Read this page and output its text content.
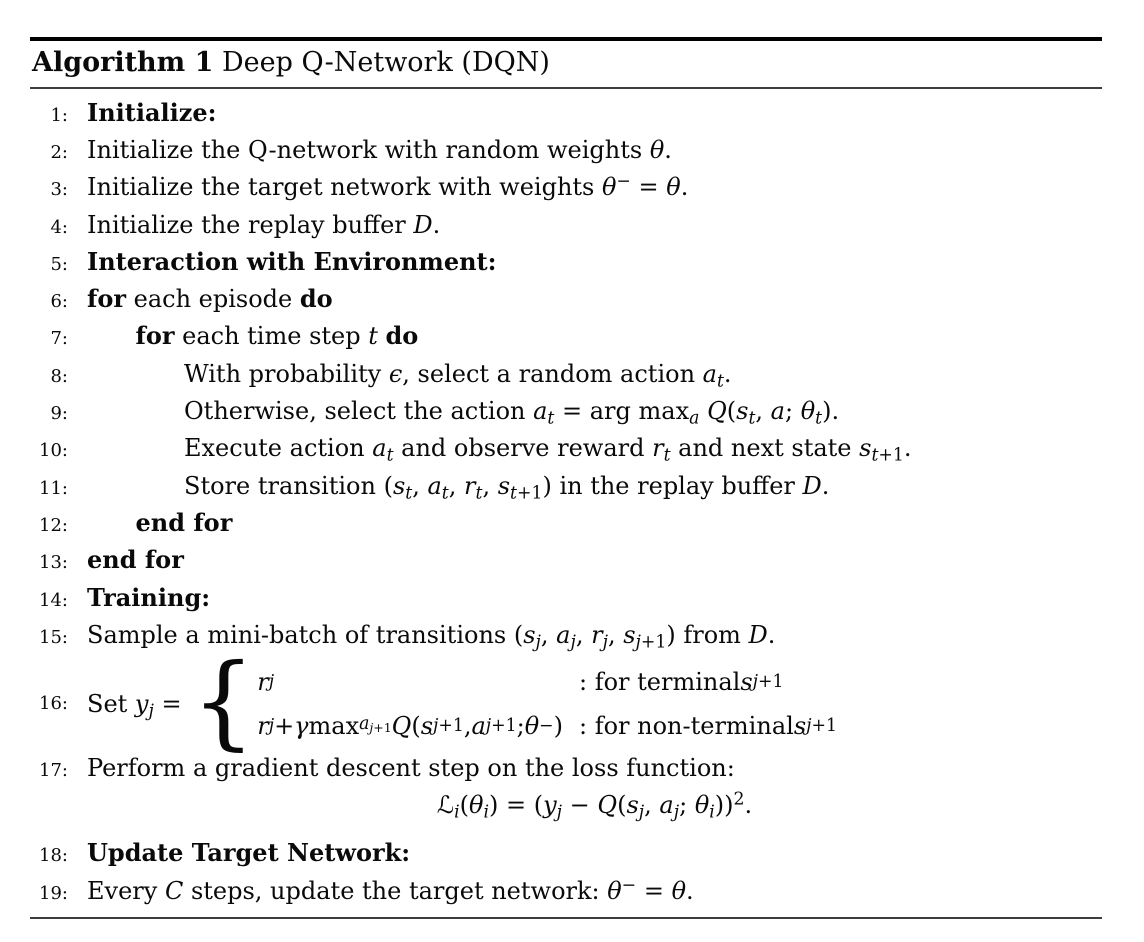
Algorithm 1 Deep Q-Network (DQN)
1: Initialize:
2: Initialize the Q-network with random weights θ.
3: Initialize the target network with weights θ− = θ.
4: Initialize the replay buffer D.
5: Interaction with Environment:
6: for each episode do
7:	for each time step t do
8:	With probability ϵ, select a random action $a_t$.
9:	Otherwise, select the action $a_t$ = arg $\max_a Q(s_t$, a; $\theta_t$).
10:	Execute action $a_t$ and observe reward $r_t$ and next state $s_{t+1}$.
11:	Store transition ($s_t$, $a_t$, $r_t$, $s_{t+1}$) in the replay buffer D.
12:	end for
13: end for
14: Training:
15: Sample a mini-batch of transitions ($s_j$, $a_j$, $r_j$, $s_{j+1}$) from D.
16: Set $y_j$ = { r j	: for terminal s j+1
r j + γ $\max a_{j+1}$ Q ( s j+1 , a j+1 ; θ − ) : for non-terminal s j+1
17: Perform a gradient descent step on the loss function:
$ℒ_i(\theta_i) = (y_j - Q(s_j$, $a_j$; $\theta_i))^2$.
18: Update Target Network:
19: Every C steps, update the target network: θ− = θ.
